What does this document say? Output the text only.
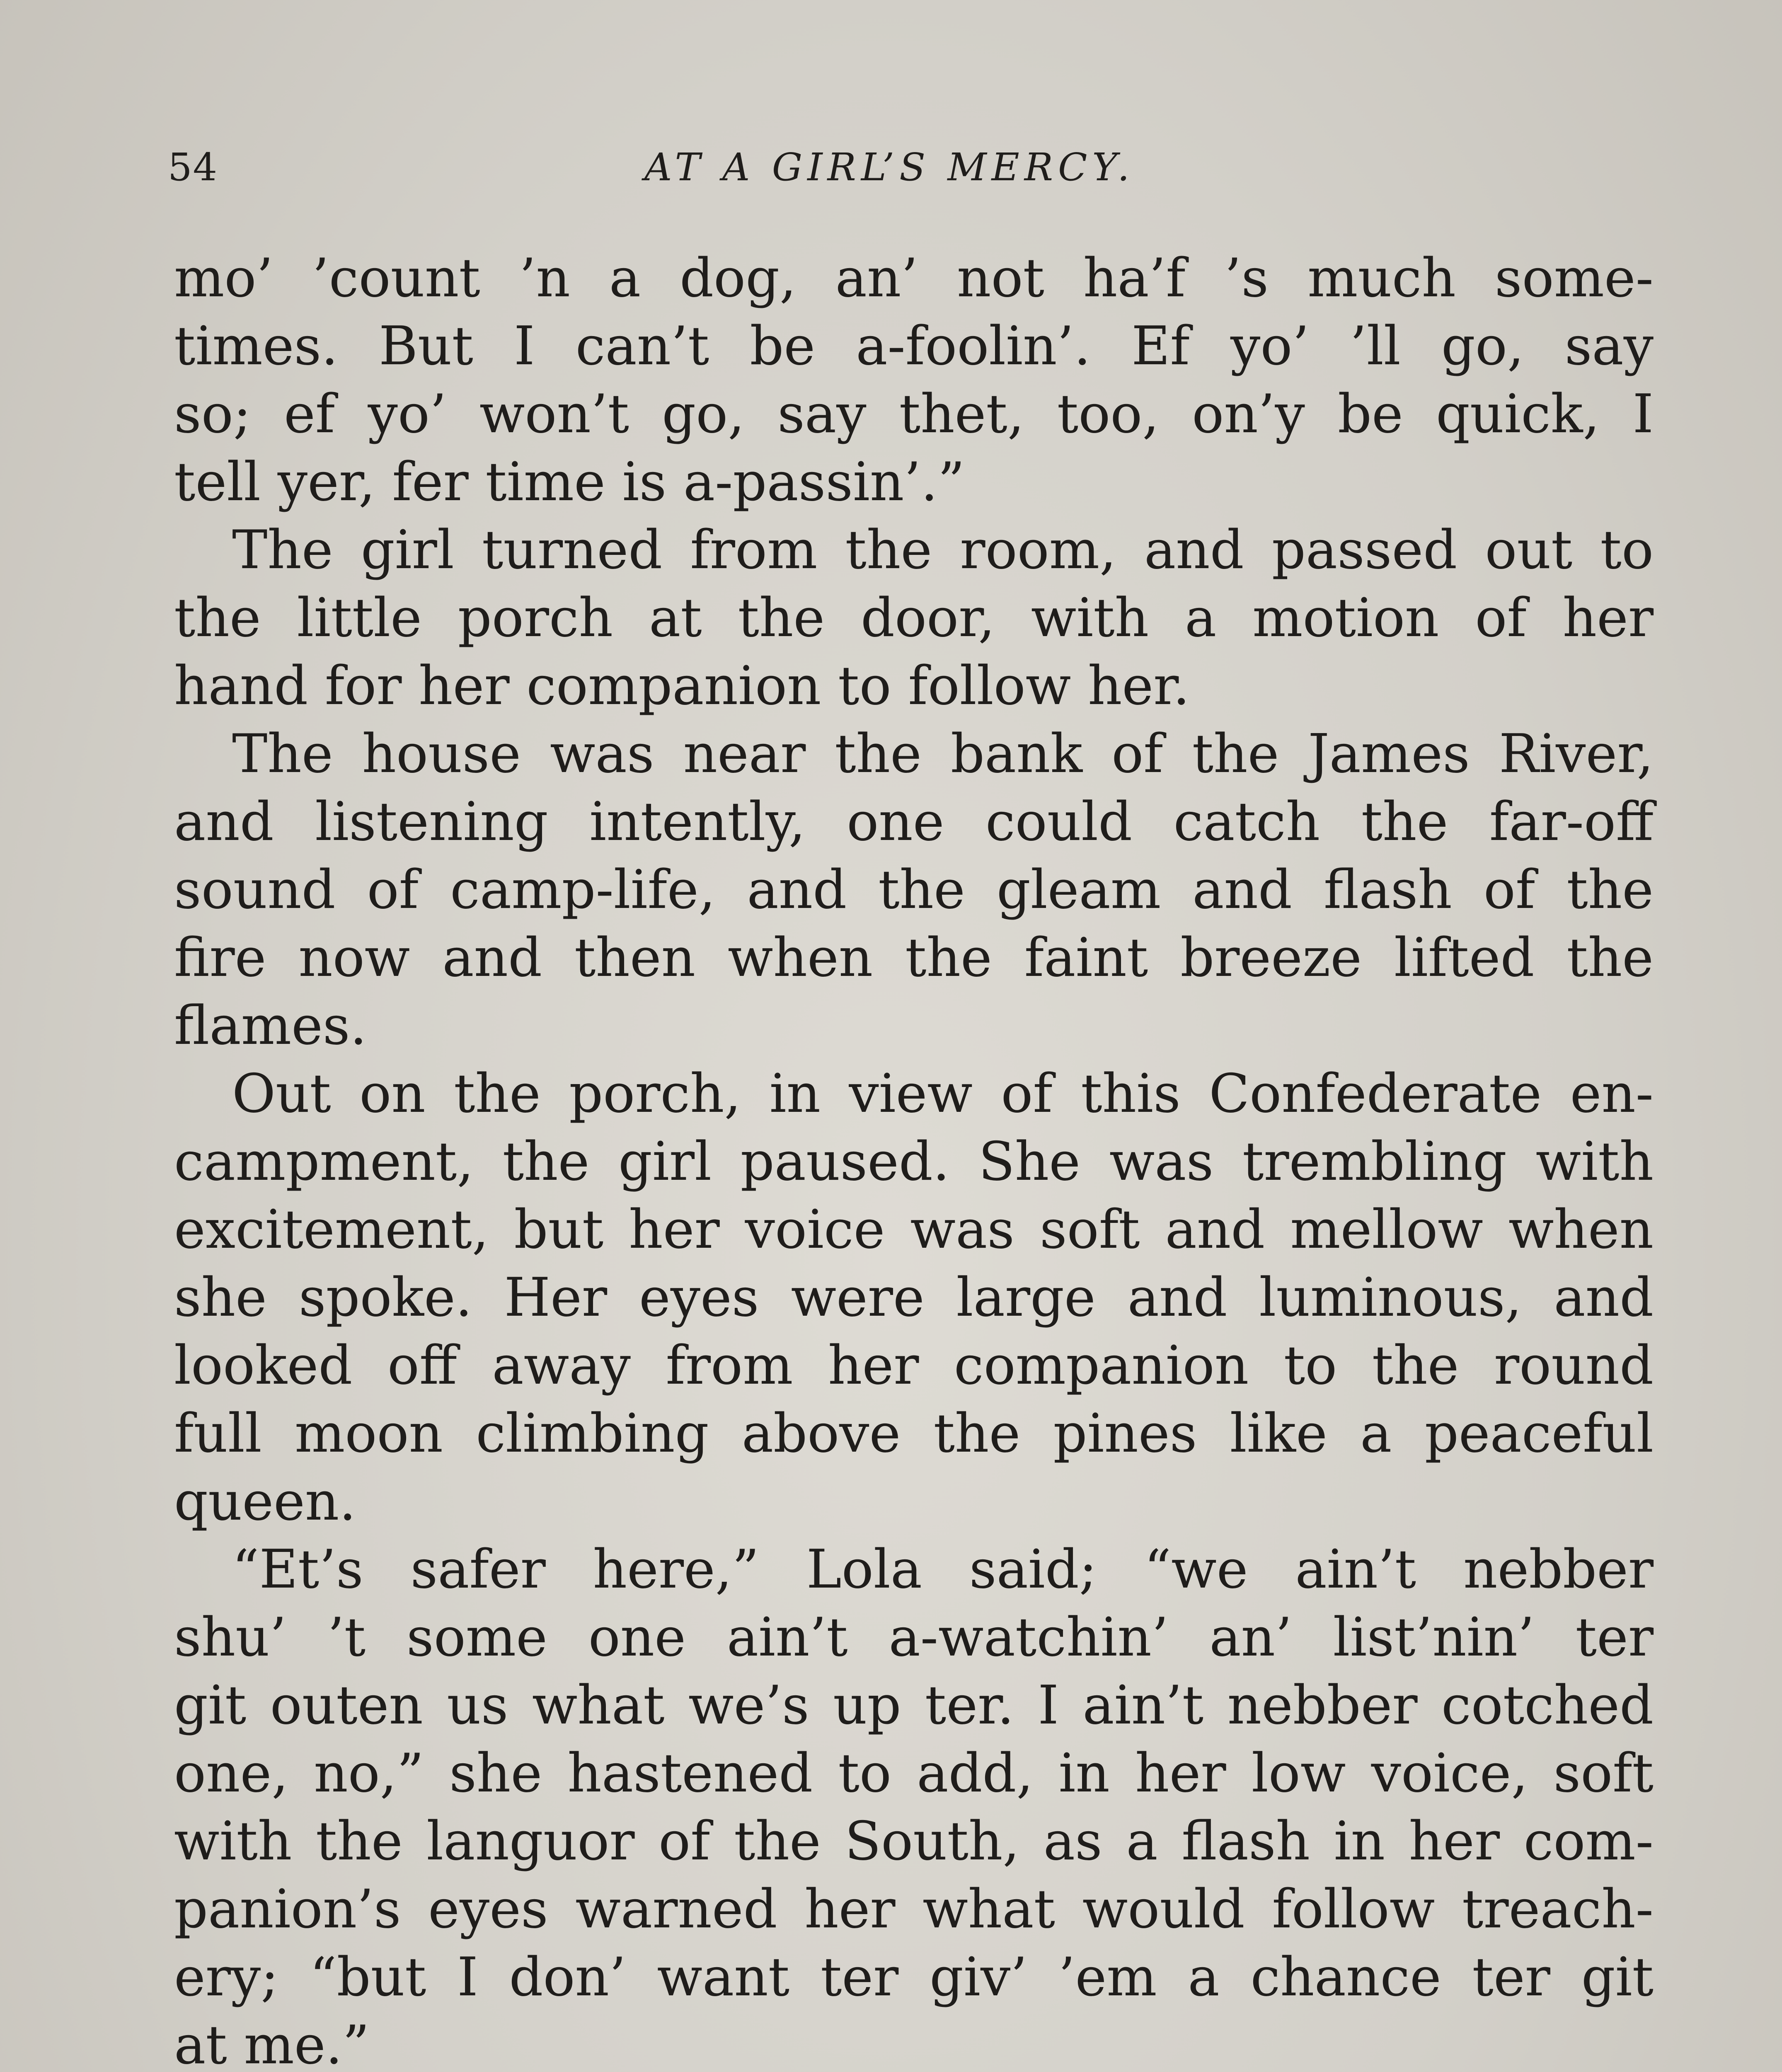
54	AT A GIRL’S MERCY.
mo’ ’count ’n a dog, an’ not ha’f ’s much some-
times. But I can’t be a-foolin’. Ef yo’ ’ll go, say
so; ef yo’ won’t go, say thet, too, on’y be quick, I
tell yer, fer time is a-passin’.”
The girl turned from the room, and passed out to
the little porch at the door, with a motion of her
hand for her companion to follow her.
The house was near the bank of the James River,
and listening intently, one could catch the far-off
sound of camp-life, and the gleam and flash of the
fire now and then when the faint breeze lifted the
flames.
Out on the porch, in view of this Confederate en-
campment, the girl paused. She was trembling with
excitement, but her voice was soft and mellow when
she spoke. Her eyes were large and luminous, and
looked off away from her companion to the round
full moon climbing above the pines like a peaceful
queen.
“Et’s safer here,” Lola said; “we ain’t nebber
shu’ ’t some one ain’t a-watchin’ an’ list’nin’ ter
git outen us what we’s up ter. I ain’t nebber cotched
one, no,” she hastened to add, in her low voice, soft
with the languor of the South, as a flash in her com-
panion’s eyes warned her what would follow treach-
ery; “but I don’ want ter giv’ ’em a chance ter git
at me.”
